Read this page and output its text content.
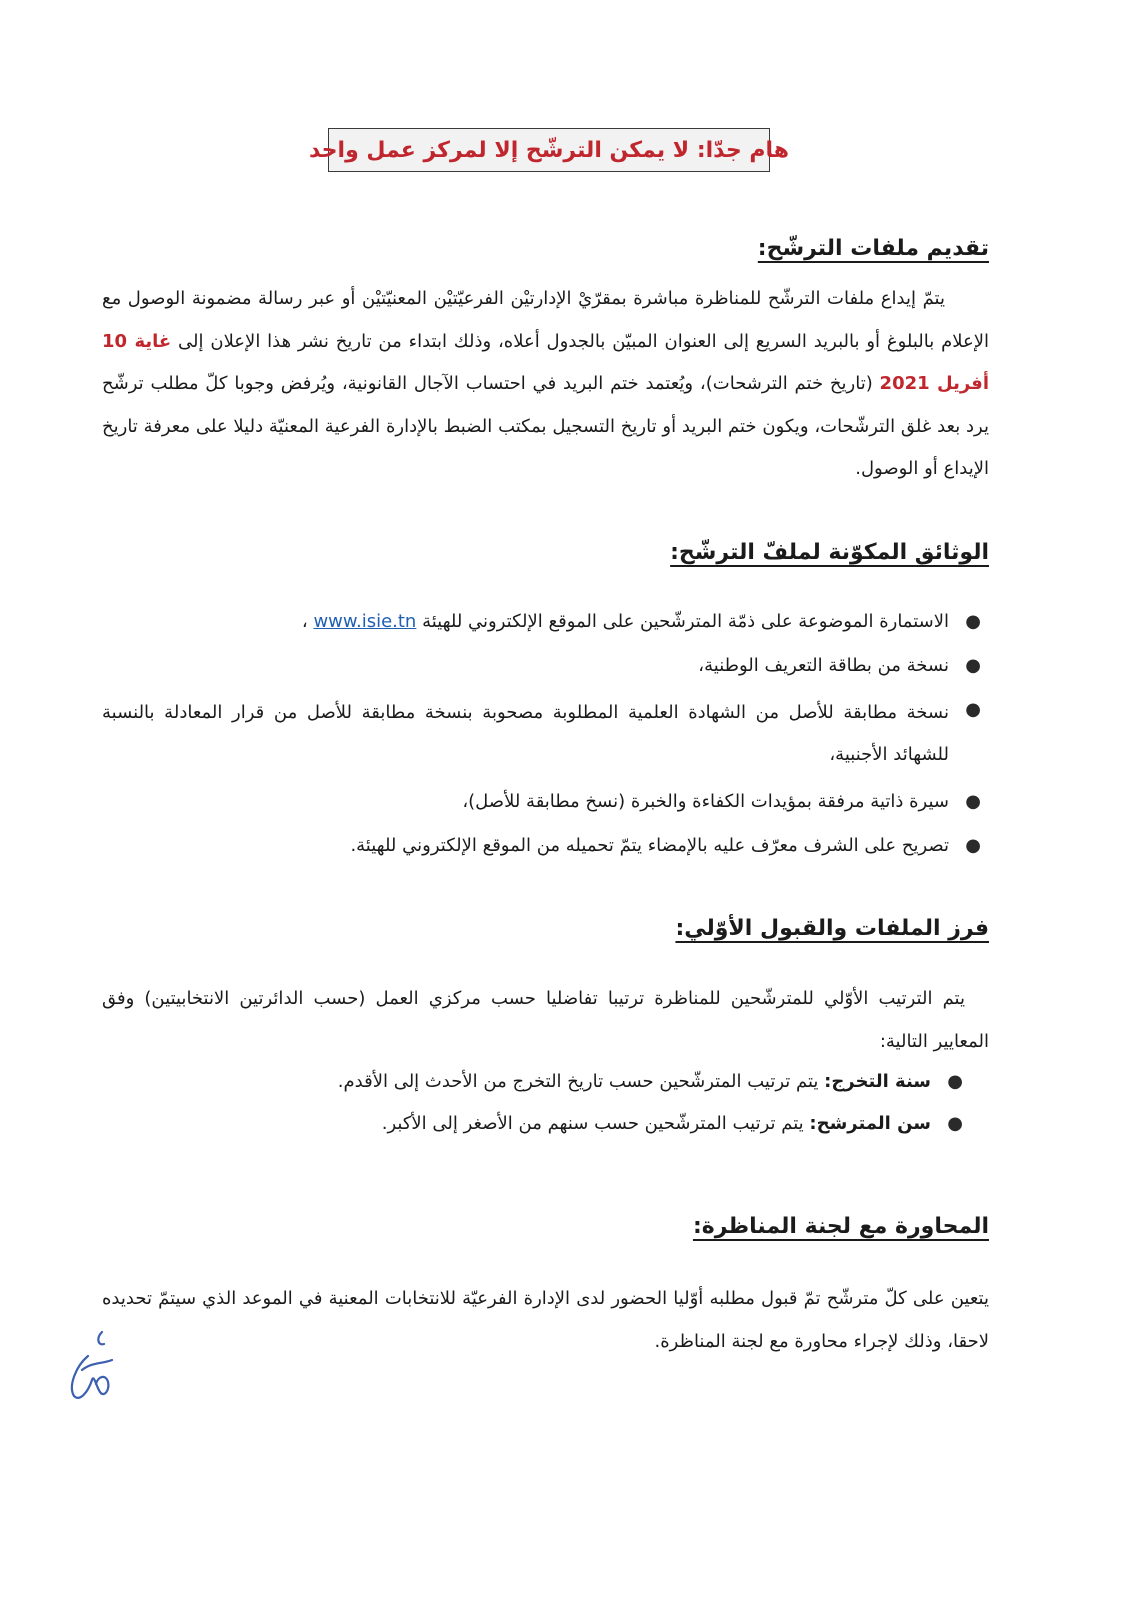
هام جدّا: لا يمكن الترشّح إلا لمركز عمل واحد
تقديم ملفات الترشّح:

يتمّ إيداع ملفات الترشّح للمناظرة مباشرة بمقرّيْ الإدارتيْن الفرعيّتيْن المعنيّتيْن أو عبر رسالة مضمونة الوصول مع الإعلام بالبلوغ أو بالبريد السريع إلى العنوان المبيّن بالجدول أعلاه، وذلك ابتداء من تاريخ نشر هذا الإعلان إلى غاية 10 أفريل 2021 (تاريخ ختم الترشحات)، ويُعتمد ختم البريد في احتساب الآجال القانونية، ويُرفض وجوبا كلّ مطلب ترشّح يرد بعد غلق الترشّحات، ويكون ختم البريد أو تاريخ التسجيل بمكتب الضبط بالإدارة الفرعية المعنيّة دليلا على معرفة تاريخ الإيداع أو الوصول.

الوثائق المكوّنة لملفّ الترشّح:
●
الاستمارة الموضوعة على ذمّة المترشّحين على الموقع الإلكتروني للهيئة www.isie.tn ،
●
نسخة من بطاقة التعريف الوطنية،
●
نسخة مطابقة للأصل من الشهادة العلمية المطلوبة مصحوبة بنسخة مطابقة للأصل من قرار المعادلة بالنسبة للشهائد الأجنبية،
●
سيرة ذاتية مرفقة بمؤيدات الكفاءة والخبرة (نسخ مطابقة للأصل)،
●
تصريح على الشرف معرّف عليه بالإمضاء يتمّ تحميله من الموقع الإلكتروني للهيئة.
فرز الملفات والقبول الأوّلي:

يتم الترتيب الأوّلي للمترشّحين للمناظرة ترتيبا تفاضليا حسب مركزي العمل (حسب الدائرتين الانتخابيتين) وفق المعايير التالية:

●
سنة التخرج: يتم ترتيب المترشّحين حسب تاريخ التخرج من الأحدث إلى الأقدم.
●
سن المترشح: يتم ترتيب المترشّحين حسب سنهم من الأصغر إلى الأكبر.
المحاورة مع لجنة المناظرة:

يتعين على كلّ مترشّح تمّ قبول مطلبه أوّليا الحضور لدى الإدارة الفرعيّة للانتخابات المعنية في الموعد الذي سيتمّ تحديده لاحقا، وذلك لإجراء محاورة مع لجنة المناظرة.
